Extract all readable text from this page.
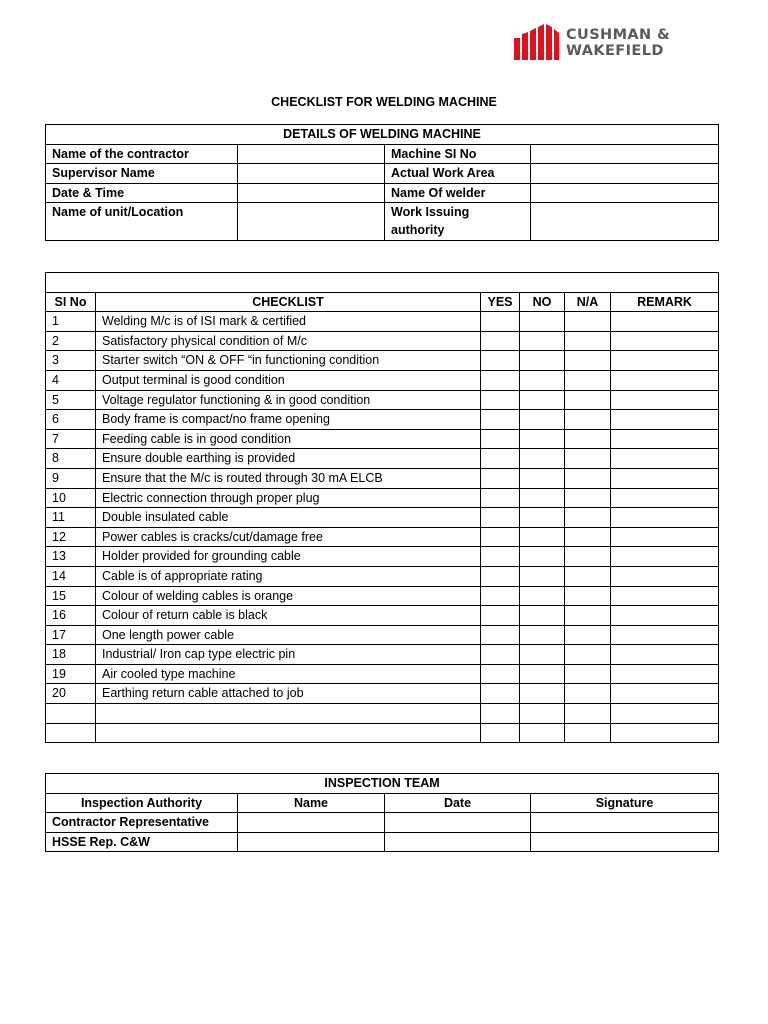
CUSHMAN &
WAKEFIELD
CHECKLIST FOR WELDING MACHINE
DETAILS OF WELDING MACHINE			
Name of the contractor		Machine SI No	
Supervisor Name		Actual Work Area	
Date & Time		Name Of welder	
Name of unit/Location		Work Issuing authority	

SI No	CHECKLIST	YES	NO	N/A	REMARK
1	Welding M/c is of ISI mark & certified				
2	Satisfactory physical condition of M/c				
3	Starter switch “ON & OFF “in functioning condition				
4	Output terminal is good condition				
5	Voltage regulator functioning & in good condition				
6	Body frame is compact/no frame opening				
7	Feeding cable is in good condition				
8	Ensure double earthing is provided				
9	Ensure that the M/c is routed through 30 mA ELCB				
10	Electric connection through proper plug				
11	Double insulated cable				
12	Power cables is cracks/cut/damage free				
13	Holder provided for grounding cable				
14	Cable is of appropriate rating				
15	Colour of welding cables is orange				
16	Colour of return cable is black				
17	One length power cable				
18	Industrial/ Iron cap type electric pin				
19	Air cooled type machine				
20	Earthing return cable attached to job				

INSPECTION TEAM			
Inspection Authority	Name	Date	Signature
Contractor Representative			
HSSE Rep. C&W			
